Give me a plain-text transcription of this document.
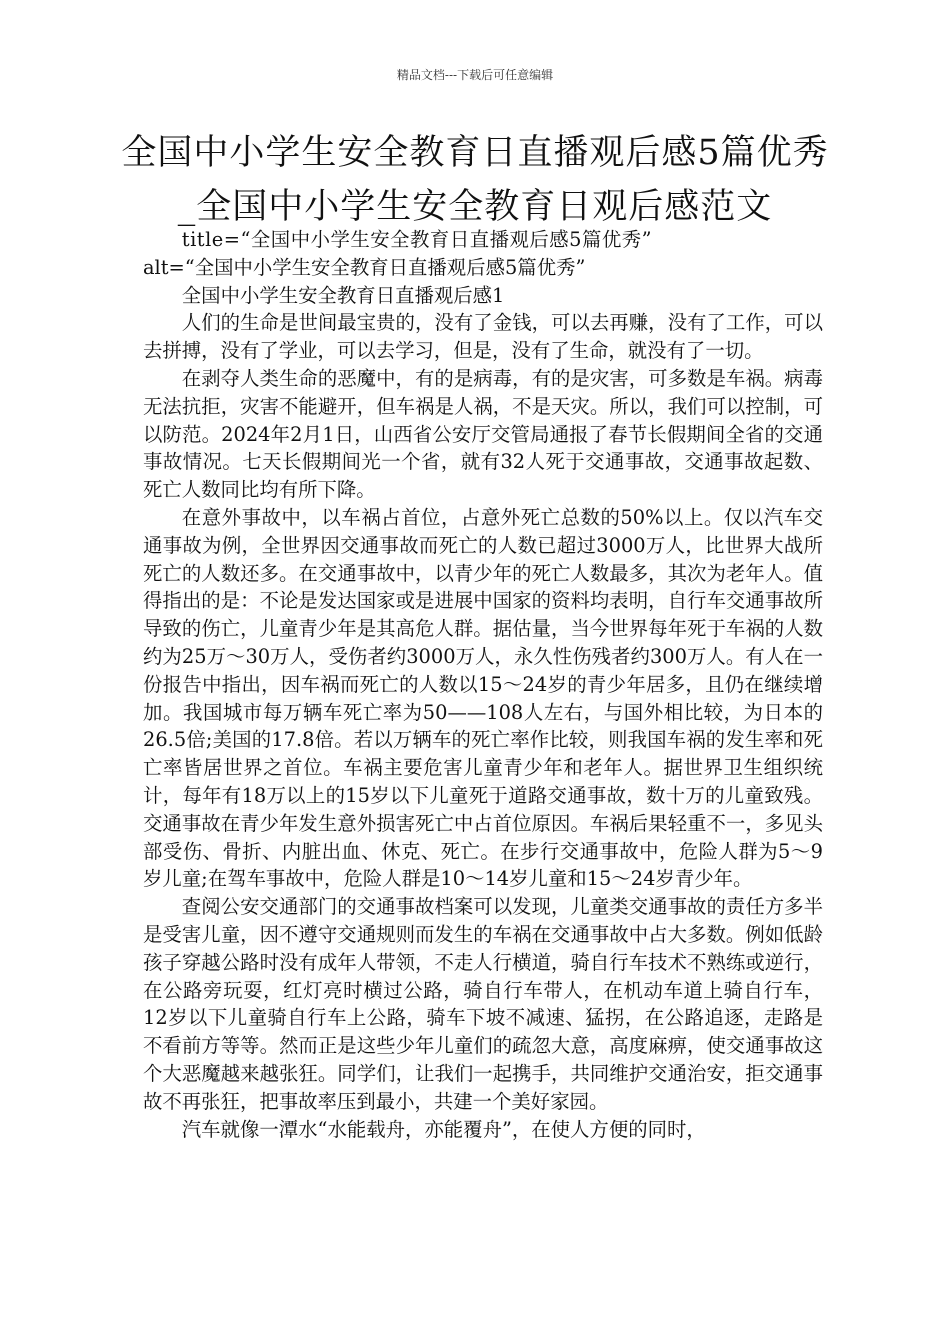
精品文档---下载后可任意编辑
全国中小学生安全教育日直播观后感5篇优秀_全国中小学生安全教育日观后感范文

title=“全国中小学生安全教育日直播观后感5篇优秀”

alt=“全国中小学生安全教育日直播观后感5篇优秀”

全国中小学生安全教育日直播观后感1

人们的生命是世间最宝贵的，没有了金钱，可以去再赚，没有了工作，可以去拼搏，没有了学业，可以去学习，但是，没有了生命，就没有了一切。

在剥夺人类生命的恶魔中，有的是病毒，有的是灾害，可多数是车祸。病毒无法抗拒，灾害不能避开，但车祸是人祸，不是天灾。所以，我们可以控制，可以防范。2024年2月1日，山西省公安厅交管局通报了春节长假期间全省的交通事故情况。七天长假期间光一个省，就有32人死于交通事故，交通事故起数、死亡人数同比均有所下降。

在意外事故中，以车祸占首位，占意外死亡总数的50%以上。仅以汽车交通事故为例，全世界因交通事故而死亡的人数已超过3000万人，比世界大战所死亡的人数还多。在交通事故中，以青少年的死亡人数最多，其次为老年人。值得指出的是：不论是发达国家或是进展中国家的资料均表明，自行车交通事故所导致的伤亡，儿童青少年是其高危人群。据估量，当今世界每年死于车祸的人数约为25万～30万人，受伤者约3000万人，永久性伤残者约300万人。有人在一份报告中指出，因车祸而死亡的人数以15～24岁的青少年居多，且仍在继续增加。我国城市每万辆车死亡率为50——108人左右，与国外相比较，为日本的26.5倍;美国的17.8倍。若以万辆车的死亡率作比较，则我国车祸的发生率和死亡率皆居世界之首位。车祸主要危害儿童青少年和老年人。据世界卫生组织统计，每年有18万以上的15岁以下儿童死于道路交通事故，数十万的儿童致残。交通事故在青少年发生意外损害死亡中占首位原因。车祸后果轻重不一，多见头部受伤、骨折、内脏出血、休克、死亡。在步行交通事故中，危险人群为5～9岁儿童;在驾车事故中，危险人群是10～14岁儿童和15～24岁青少年。

查阅公安交通部门的交通事故档案可以发现，儿童类交通事故的责任方多半是受害儿童，因不遵守交通规则而发生的车祸在交通事故中占大多数。例如低龄孩子穿越公路时没有成年人带领，不走人行横道，骑自行车技术不熟练或逆行，在公路旁玩耍，红灯亮时横过公路，骑自行车带人，在机动车道上骑自行车，12岁以下儿童骑自行车上公路，骑车下坡不减速、猛拐，在公路追逐，走路是不看前方等等。然而正是这些少年儿童们的疏忽大意，高度麻痹，使交通事故这个大恶魔越来越张狂。同学们，让我们一起携手，共同维护交通治安，拒交通事故不再张狂，把事故率压到最小，共建一个美好家园。

汽车就像一潭水“水能载舟，亦能覆舟”，在使人方便的同时，
